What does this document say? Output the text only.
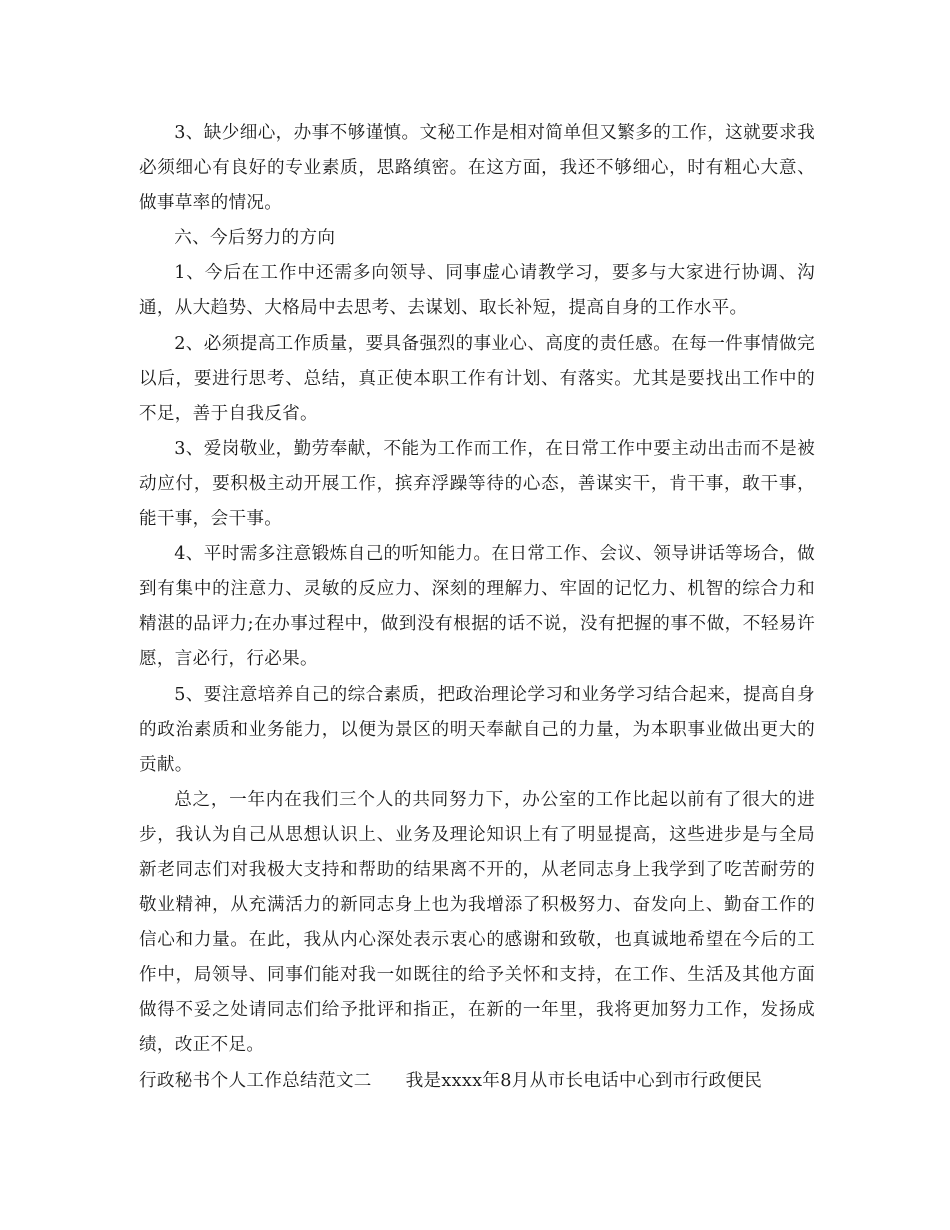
3、缺少细心，办事不够谨慎。文秘工作是相对简单但又繁多的工作，这就要求我必须细心有良好的专业素质，思路缜密。在这方面，我还不够细心，时有粗心大意、做事草率的情况。

六、今后努力的方向

1、今后在工作中还需多向领导、同事虚心请教学习，要多与大家进行协调、沟通，从大趋势、大格局中去思考、去谋划、取长补短，提高自身的工作水平。

2、必须提高工作质量，要具备强烈的事业心、高度的责任感。在每一件事情做完以后，要进行思考、总结，真正使本职工作有计划、有落实。尤其是要找出工作中的不足，善于自我反省。

3、爱岗敬业，勤劳奉献，不能为工作而工作，在日常工作中要主动出击而不是被动应付，要积极主动开展工作，摈弃浮躁等待的心态，善谋实干，肯干事，敢干事，能干事，会干事。

4、平时需多注意锻炼自己的听知能力。在日常工作、会议、领导讲话等场合，做到有集中的注意力、灵敏的反应力、深刻的理解力、牢固的记忆力、机智的综合力和精湛的品评力;在办事过程中，做到没有根据的话不说，没有把握的事不做，不轻易许愿，言必行，行必果。

5、要注意培养自己的综合素质，把政治理论学习和业务学习结合起来，提高自身的政治素质和业务能力，以便为景区的明天奉献自己的力量，为本职事业做出更大的贡献。

总之，一年内在我们三个人的共同努力下，办公室的工作比起以前有了很大的进步，我认为自己从思想认识上、业务及理论知识上有了明显提高，这些进步是与全局新老同志们对我极大支持和帮助的结果离不开的，从老同志身上我学到了吃苦耐劳的敬业精神，从充满活力的新同志身上也为我增添了积极努力、奋发向上、勤奋工作的信心和力量。在此，我从内心深处表示衷心的感谢和致敬，也真诚地希望在今后的工作中，局领导、同事们能对我一如既往的给予关怀和支持，在工作、生活及其他方面做得不妥之处请同志们给予批评和指正，在新的一年里，我将更加努力工作，发扬成绩，改正不足。

行政秘书个人工作总结范文二 我是xxxx年8月从市长电话中心到市行政便民
